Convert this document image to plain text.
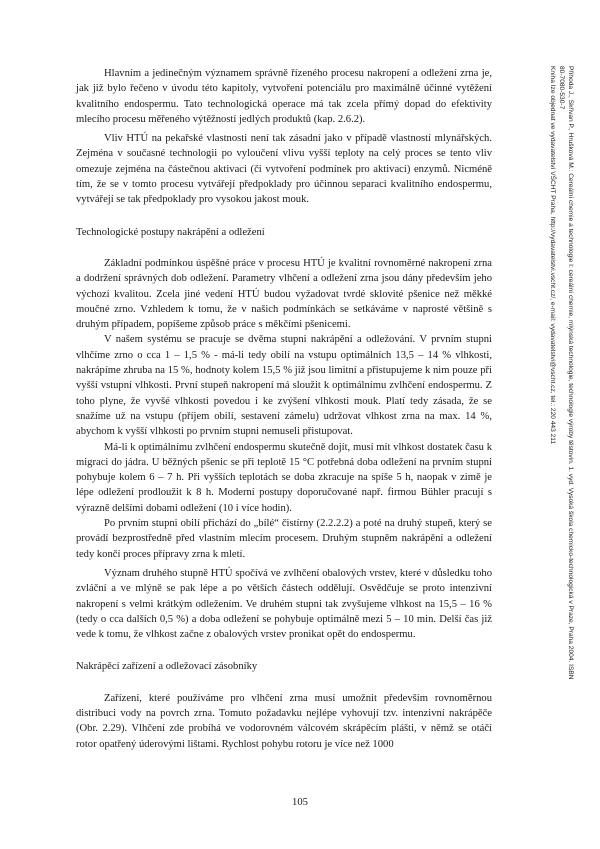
Hlavním a jedinečným významem správně řízeného procesu nakropení a odležení zrna je, jak již bylo řečeno v úvodu této kapitoly, vytvoření potenciálu pro maximálně účinné vytěžení kvalitního endospermu. Tato technologická operace má tak zcela přímý dopad do efektivity mlecího procesu měřeného výtěžností jedlých produktů (kap. 2.6.2).

Vliv HTÚ na pekařské vlastnosti není tak zásadní jako v případě vlastností mlynářských. Zejména v současné technologii po vyloučení vlivu vyšší teploty na celý proces se tento vliv omezuje zejména na částečnou aktivaci (či vytvoření podmínek pro aktivaci) enzymů. Nicméně tím, že se v tomto procesu vytvářejí předpoklady pro účinnou separaci kvalitního endospermu, vytvářejí se tak předpoklady pro vysokou jakost mouk.

Technologické postupy nakrápění a odležení

Základní podmínkou úspěšné práce v procesu HTÚ je kvalitní rovnoměrné nakropení zrna a dodržení správných dob odležení. Parametry vlhčení a odležení zrna jsou dány především jeho výchozí kvalitou. Zcela jiné vedení HTÚ budou vyžadovat tvrdé sklovité pšenice než měkké moučné zrno. Vzhledem k tomu, že v našich podmínkách se setkáváme v naprosté většině s druhým případem, popíšeme způsob práce s měkčími pšenicemi.

V našem systému se pracuje se dvěma stupni nakrápění a odležování. V prvním stupni vlhčíme zrno o cca 1 – 1,5 % - má-li tedy obilí na vstupu optimálních 13,5 – 14 % vlhkosti, nakrápíme zhruba na 15 %, hodnoty kolem 15,5 % již jsou limitní a přistupujeme k nim pouze při vyšší vstupní vlhkosti. První stupeň nakropení má sloužit k optimálnímu zvlhčení endospermu. Z toho plyne, že vyvšé vlhkosti povedou i ke zvýšení vlhkosti mouk. Platí tedy zásada, že se snažíme už na vstupu (příjem obilí, sestavení zámelu) udržovat vlhkost zrna na max. 14 %, abychom k vyšší vlhkosti po prvním stupni nemuseli přistupovat.

Má-li k optimálnímu zvlhčení endospermu skutečně dojít, musí mít vlhkost dostatek času k migraci do jádra. U běžných pšenic se při teplotě 15 °C potřebná doba odležení na prvním stupni pohybuje kolem 6 – 7 h. Při vyšších teplotách se doba zkracuje na spíše 5 h, naopak v zimě je lépe odležení prodloužit k 8 h. Moderní postupy doporučované např. firmou Bühler pracují s výrazně delšími dobami odležení (10 i více hodin).

Po prvním stupni obilí přichází do „bílé“ čistírny (2.2.2.2) a poté na druhý stupeň, který se provádí bezprostředně před vlastním mlecím procesem. Druhým stupněm nakrápění a odležení tedy končí proces přípravy zrna k mletí.

Význam druhého stupně HTÚ spočívá ve zvlhčení obalových vrstev, které v důsledku toho zvláční a ve mlýně se pak lépe a po větších částech oddělují. Osvědčuje se proto intenzivní nakropení s velmi krátkým odležením. Ve druhém stupni tak zvyšujeme vlhkost na 15,5 – 16 % (tedy o cca dalších 0,5 %) a doba odležení se pohybuje optimálně mezi 5 – 10 min. Delší čas již vede k tomu, že vlhkost začne z obalových vrstev pronikat opět do endospermu.

Nakrápěcí zařízení a odležovací zásobníky

Zařízení, které používáme pro vlhčení zrna musí umožnit především rovnoměrnou distribuci vody na povrch zrna. Tomuto požadavku nejlépe vyhovují tzv. intenzivní nakrápěče (Obr. 2.29). Vlhčení zde probíhá ve vodorovném válcovém skrápěcím plášti, v němž se otáčí rotor opatřený úderovými lištami. Rychlost pohybu rotoru je více než 1000

105
Příhoda J., Skřivan P., Hrušková M.: Cereální chemie a technologie I: cereální chemie, mlýnská technologie, technologie výroby těstovin. 1. vyd. Vysoká škola chemicko-technologická v Praze, Praha 2004. ISBN
80-7080-530-7
Kniha Ize objednat ve vydavatelství VŠCHT Praha, http://vydavatelstvi.vscht.cz/, e-mail: vydavatelstvi@vscht.cz, tel.: 220 443 211
